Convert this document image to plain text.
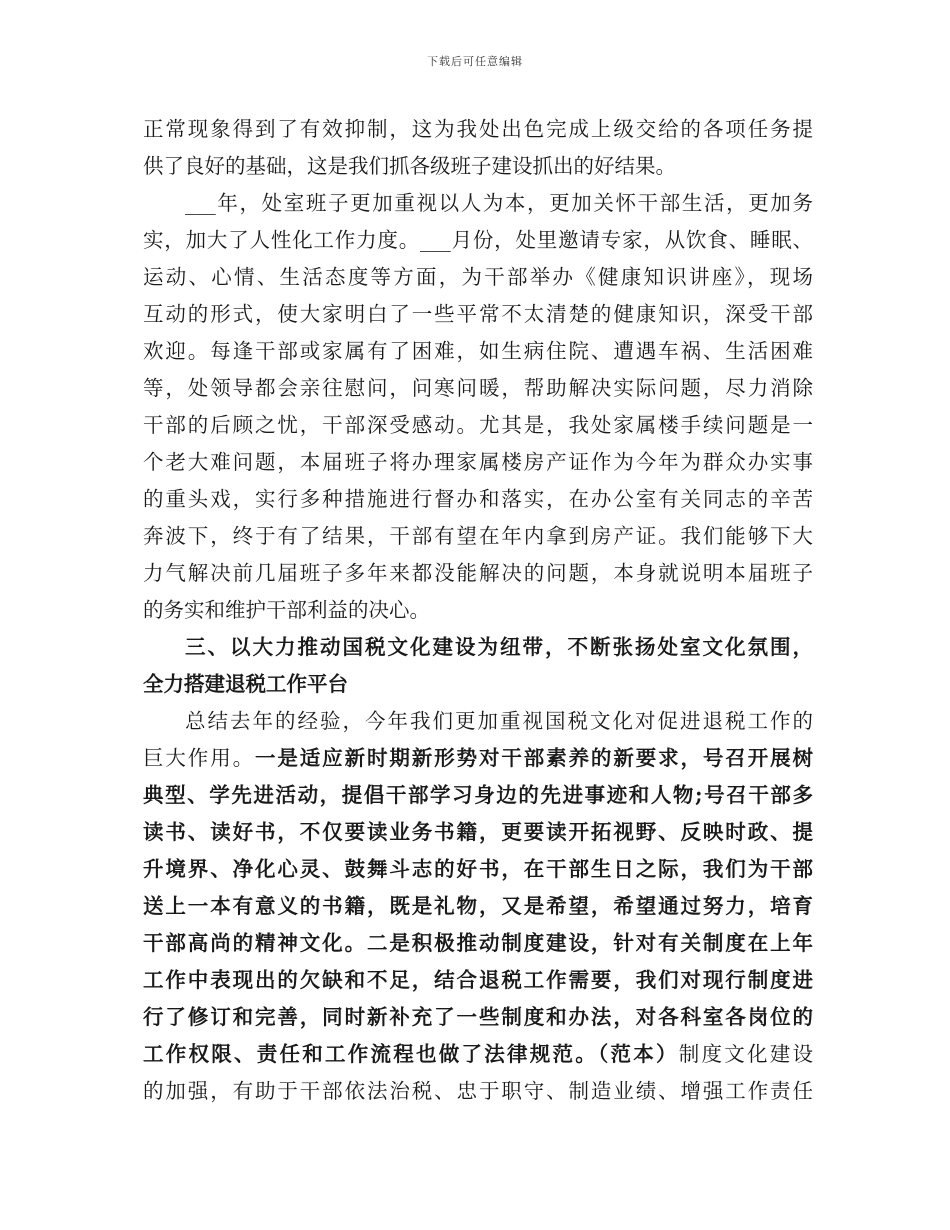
下载后可任意编辑
正常现象得到了有效抑制，这为我处出色完成上级交给的各项任务提
供了良好的基础，这是我们抓各级班子建设抓出的好结果。
___年，处室班子更加重视以人为本，更加关怀干部生活，更加务
实，加大了人性化工作力度。___月份，处里邀请专家，从饮食、睡眠、
运动、心情、生活态度等方面，为干部举办《健康知识讲座》，现场
互动的形式，使大家明白了一些平常不太清楚的健康知识，深受干部
欢迎。每逢干部或家属有了困难，如生病住院、遭遇车祸、生活困难
等，处领导都会亲往慰问，问寒问暖，帮助解决实际问题，尽力消除
干部的后顾之忧，干部深受感动。尤其是，我处家属楼手续问题是一
个老大难问题，本届班子将办理家属楼房产证作为今年为群众办实事
的重头戏，实行多种措施进行督办和落实，在办公室有关同志的辛苦
奔波下，终于有了结果，干部有望在年内拿到房产证。我们能够下大
力气解决前几届班子多年来都没能解决的问题，本身就说明本届班子
的务实和维护干部利益的决心。
三、以大力推动国税文化建设为纽带，不断张扬处室文化氛围，
全力搭建退税工作平台
总结去年的经验，今年我们更加重视国税文化对促进退税工作的
巨大作用。一是适应新时期新形势对干部素养的新要求，号召开展树
典型、学先进活动，提倡干部学习身边的先进事迹和人物;号召干部多
读书、读好书，不仅要读业务书籍，更要读开拓视野、反映时政、提
升境界、净化心灵、鼓舞斗志的好书，在干部生日之际，我们为干部
送上一本有意义的书籍，既是礼物，又是希望，希望通过努力，培育
干部高尚的精神文化。二是积极推动制度建设，针对有关制度在上年
工作中表现出的欠缺和不足，结合退税工作需要，我们对现行制度进
行了修订和完善，同时新补充了一些制度和办法，对各科室各岗位的
工作权限、责任和工作流程也做了法律规范。（范本）制度文化建设
的加强，有助于干部依法治税、忠于职守、制造业绩、增强工作责任
